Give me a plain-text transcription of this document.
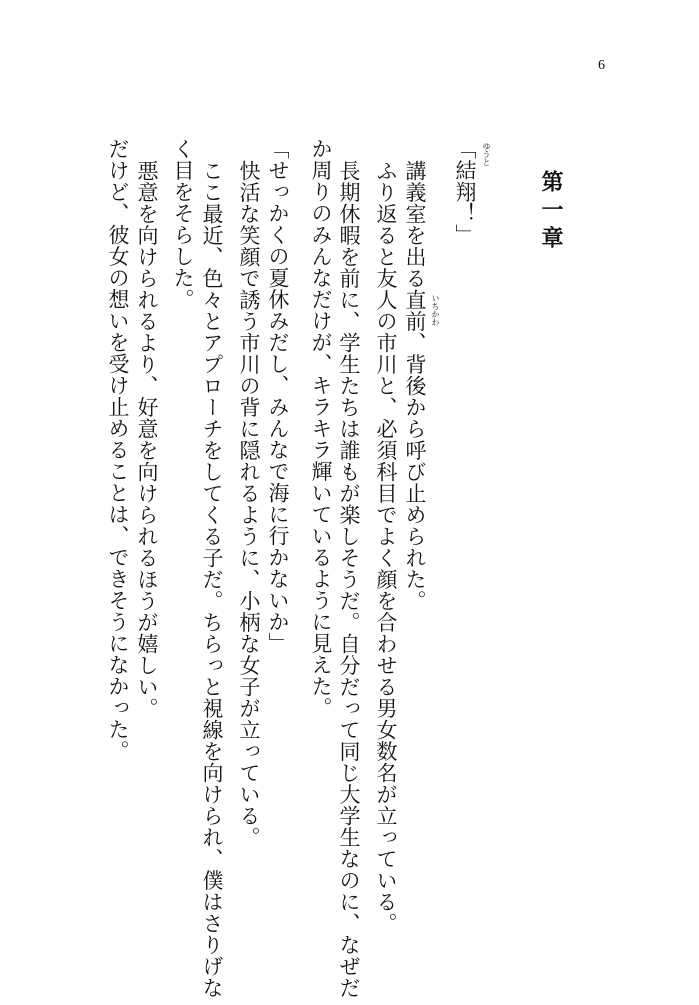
6
第一章
ゆうと
いちかわ
「結翔！」
講義室を出る直前、背後から呼び止められた。
ふり返ると友人の市川と、必須科目でよく顔を合わせる男女数名が立っている。
長期休暇を前に、学生たちは誰もが楽しそうだ。自分だって同じ大学生なのに、なぜだ
か周りのみんなだけが、キラキラ輝いているように見えた。
「せっかくの夏休みだし、みんなで海に行かないか」
快活な笑顔で誘う市川の背に隠れるように、小柄な女子が立っている。
ここ最近、色々とアプローチをしてくる子だ。ちらっと視線を向けられ、僕はさりげな
く目をそらした。
悪意を向けられるより、好意を向けられるほうが嬉しい。
だけど、彼女の想いを受け止めることは、できそうになかった。
